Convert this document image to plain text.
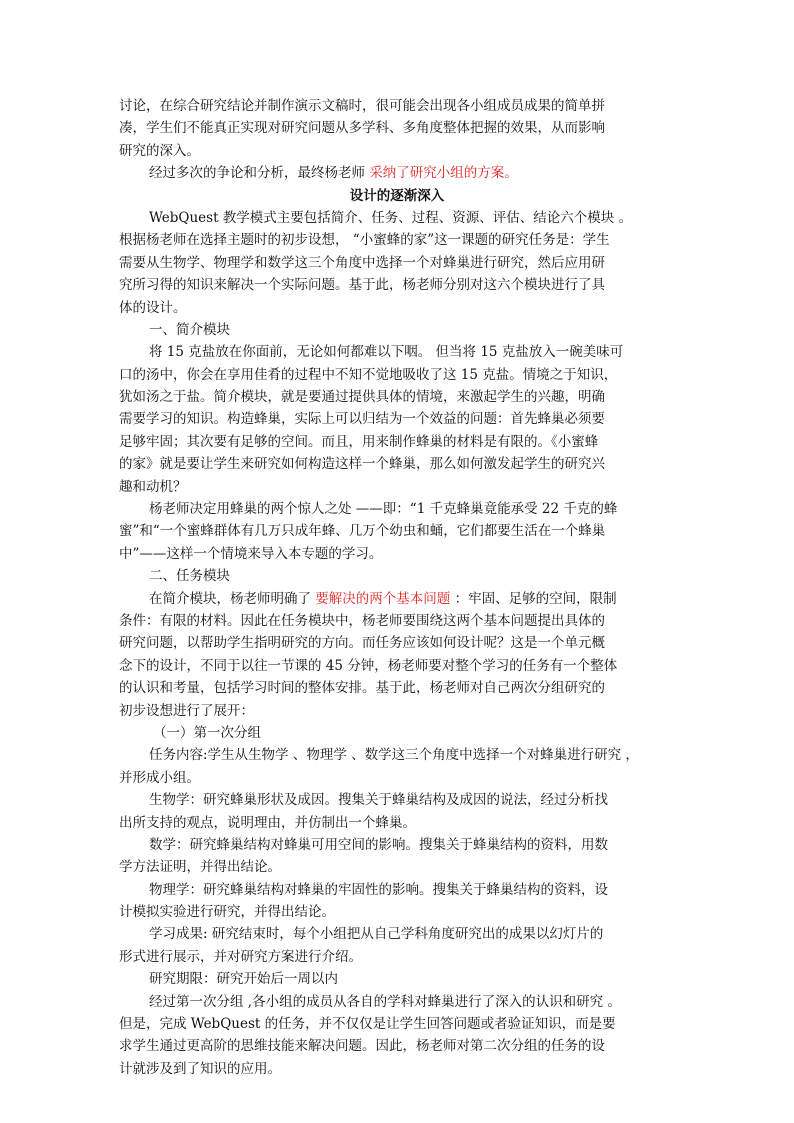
讨论，在综合研究结论并制作演示文稿时，很可能会出现各小组成员成果的简单拼
凑，学生们不能真正实现对研究问题从多学科、多角度整体把握的效果，从而影响
研究的深入。
经过多次的争论和分析，最终杨老师 采纳了研究小组的方案。
设计的逐渐深入
WebQuest 教学模式主要包括简介、任务、过程、资源、评估、结论六个模块 。
根据杨老师在选择主题时的初步设想， “小蜜蜂的家”这一课题的研究任务是：学生
需要从生物学、物理学和数学这三个角度中选择一个对蜂巢进行研究，然后应用研
究所习得的知识来解决一个实际问题。基于此，杨老师分别对这六个模块进行了具
体的设计。
一、简介模块
将 15 克盐放在你面前，无论如何都难以下咽。 但当将 15 克盐放入一碗美味可
口的汤中，你会在享用佳肴的过程中不知不觉地吸收了这 15 克盐。情境之于知识，
犹如汤之于盐。简介模块，就是要通过提供具体的情境，来激起学生的兴趣，明确
需要学习的知识。构造蜂巢，实际上可以归结为一个效益的问题：首先蜂巢必须要
足够牢固；其次要有足够的空间。而且，用来制作蜂巢的材料是有限的。《小蜜蜂
的家》就是要让学生来研究如何构造这样一个蜂巢，那么如何激发起学生的研究兴
趣和动机？
杨老师决定用蜂巢的两个惊人之处 ——即：“1 千克蜂巢竟能承受 22 千克的蜂
蜜”和“一个蜜蜂群体有几万只成年蜂、几万个幼虫和蛹，它们都要生活在一个蜂巢
中”——这样一个情境来导入本专题的学习。
二、任务模块
在简介模块，杨老师明确了 要解决的两个基本问题 ：牢固、足够的空间，限制
条件：有限的材料。因此在任务模块中，杨老师要围绕这两个基本问题提出具体的
研究问题，以帮助学生指明研究的方向。而任务应该如何设计呢？这是一个单元概
念下的设计，不同于以往一节课的 45 分钟，杨老师要对整个学习的任务有一个整体
的认识和考量，包括学习时间的整体安排。基于此，杨老师对自己两次分组研究的
初步设想进行了展开：
（一）第一次分组
任务内容:学生从生物学 、物理学 、数学这三个角度中选择一个对蜂巢进行研究 ，
并形成小组。
生物学：研究蜂巢形状及成因。搜集关于蜂巢结构及成因的说法，经过分析找
出所支持的观点，说明理由，并仿制出一个蜂巢。
数学：研究蜂巢结构对蜂巢可用空间的影响。搜集关于蜂巢结构的资料，用数
学方法证明，并得出结论。
物理学：研究蜂巢结构对蜂巢的牢固性的影响。搜集关于蜂巢结构的资料，设
计模拟实验进行研究，并得出结论。
学习成果: 研究结束时，每个小组把从自己学科角度研究出的成果以幻灯片的
形式进行展示，并对研究方案进行介绍。
研究期限：研究开始后一周以内
经过第一次分组 ,各小组的成员从各自的学科对蜂巢进行了深入的认识和研究 。
但是，完成 WebQuest 的任务，并不仅仅是让学生回答问题或者验证知识，而是要
求学生通过更高阶的思维技能来解决问题。因此，杨老师对第二次分组的任务的设
计就涉及到了知识的应用。
